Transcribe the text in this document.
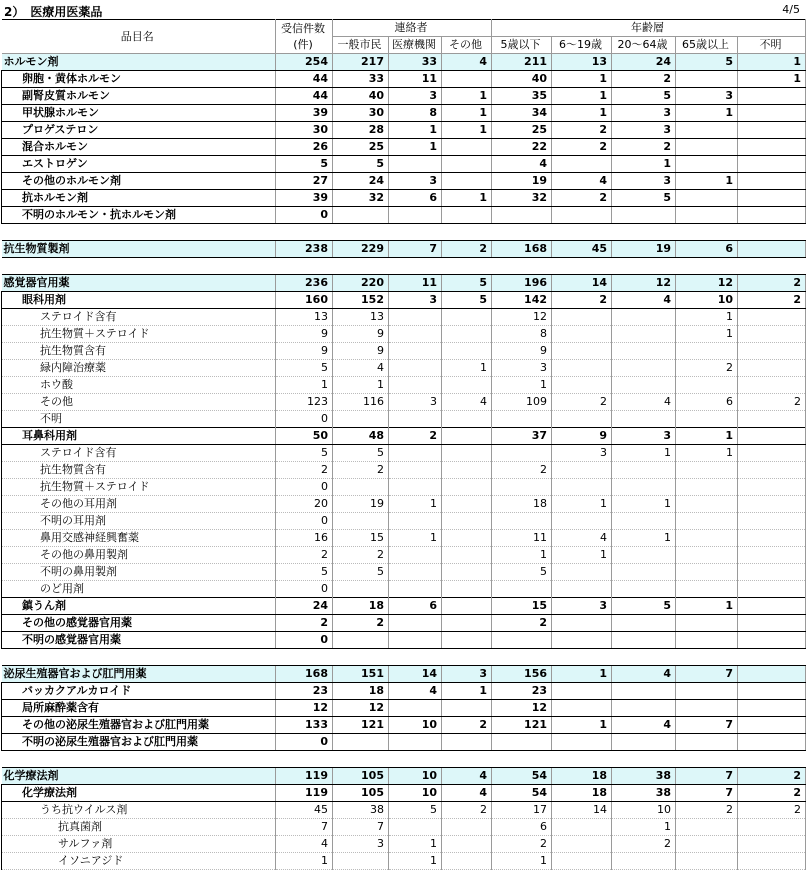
2）　医療用医薬品	4/5
品目名	受信件数
(件)	連絡者			年齢層				
		一般市民	医療機関	その他	5歳以下	6～19歳	20～64歳	65歳以上	不明
ホルモン剤	254	217	33	4	211	13	24	5	1
卵胞・黄体ホルモン	44	33	11		40	1	2		1
副腎皮質ホルモン	44	40	3	1	35	1	5	3	
甲状腺ホルモン	39	30	8	1	34	1	3	1	
プロゲステロン	30	28	1	1	25	2	3		
混合ホルモン	26	25	1		22	2	2		
エストロゲン	5	5			4		1		
その他のホルモン剤	27	24	3		19	4	3	1	
抗ホルモン剤	39	32	6	1	32	2	5		
不明のホルモン・抗ホルモン剤	0								

抗生物質製剤	238	229	7	2	168	45	19	6	

感覚器官用薬	236	220	11	5	196	14	12	12	2
眼科用剤	160	152	3	5	142	2	4	10	2
ステロイド含有	13	13			12			1	
抗生物質＋ステロイド	9	9			8			1	
抗生物質含有	9	9			9				
緑内障治療薬	5	4		1	3			2	
ホウ酸	1	1			1				
その他	123	116	3	4	109	2	4	6	2
不明	0								
耳鼻科用剤	50	48	2		37	9	3	1	
ステロイド含有	5	5				3	1	1	
抗生物質含有	2	2			2				
抗生物質＋ステロイド	0								
その他の耳用剤	20	19	1		18	1	1		
不明の耳用剤	0								
鼻用交感神経興奮薬	16	15	1		11	4	1		
その他の鼻用製剤	2	2			1	1			
不明の鼻用製剤	5	5			5				
のど用剤	0								
鎮うん剤	24	18	6		15	3	5	1	
その他の感覚器官用薬	2	2			2				
不明の感覚器官用薬	0								

泌尿生殖器官および肛門用薬	168	151	14	3	156	1	4	7	
バッカクアルカロイド	23	18	4	1	23				
局所麻酔薬含有	12	12			12				
その他の泌尿生殖器官および肛門用薬	133	121	10	2	121	1	4	7	
不明の泌尿生殖器官および肛門用薬	0								

化学療法剤	119	105	10	4	54	18	38	7	2
化学療法剤	119	105	10	4	54	18	38	7	2
うち抗ウイルス剤	45	38	5	2	17	14	10	2	2
抗真菌剤	7	7			6		1		
サルファ剤	4	3	1		2		2		
イソニアジド	1		1		1				
